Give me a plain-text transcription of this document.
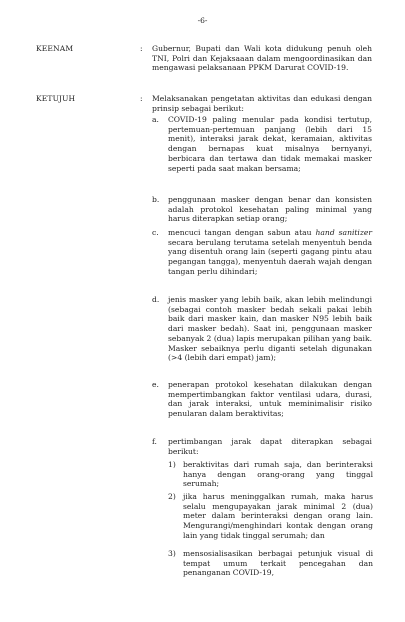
-6-
KEENAM	: Gubernur, Bupati dan Wali kota didukung penuh oleh TNI, Polri dan Kejaksaaan dalam mengoordinasikan dan mengawasi pelaksanaan PPKM Darurat COVID-19.
KETUJUH	: Melaksanakan pengetatan aktivitas dan edukasi dengan prinsip sebagai berikut:
a.	COVID-19 paling menular pada kondisi tertutup, pertemuan-pertemuan panjang (lebih dari 15 menit), interaksi jarak dekat, keramaian, aktivitas dengan bernapas kuat misalnya bernyanyi, berbicara dan tertawa dan tidak memakai masker seperti pada saat makan bersama;
b.	penggunaan masker dengan benar dan konsisten adalah protokol kesehatan paling minimal yang harus diterapkan setiap orang;
c.	mencuci tangan dengan sabun atau hand sanitizer secara berulang terutama setelah menyentuh benda yang disentuh orang lain (seperti gagang pintu atau pegangan tangga), menyentuh daerah wajah dengan tangan perlu dihindari;
d.	jenis masker yang lebih baik, akan lebih melindungi (sebagai contoh masker bedah sekali pakai lebih baik dari masker kain, dan masker N95 lebih baik dari masker bedah). Saat ini, penggunaan masker sebanyak 2 (dua) lapis merupakan pilihan yang baik. Masker sebaiknya perlu diganti setelah digunakan (>4 (lebih dari empat) jam);
e.	penerapan protokol kesehatan dilakukan dengan mempertimbangkan faktor ventilasi udara, durasi, dan jarak interaksi, untuk meminimalisir risiko penularan dalam beraktivitas;
f.	pertimbangan jarak dapat diterapkan sebagai berikut:
1) beraktivitas dari rumah saja, dan berinteraksi hanya dengan orang-orang yang tinggal serumah;
2) jika harus meninggalkan rumah, maka harus selalu mengupayakan jarak minimal 2 (dua) meter dalam berinteraksi dengan orang lain. Mengurangi/menghindari kontak dengan orang lain yang tidak tinggal serumah; dan
3) mensosialisasikan berbagai petunjuk visual di tempat umum terkait pencegahan dan penanganan COVID-19,
